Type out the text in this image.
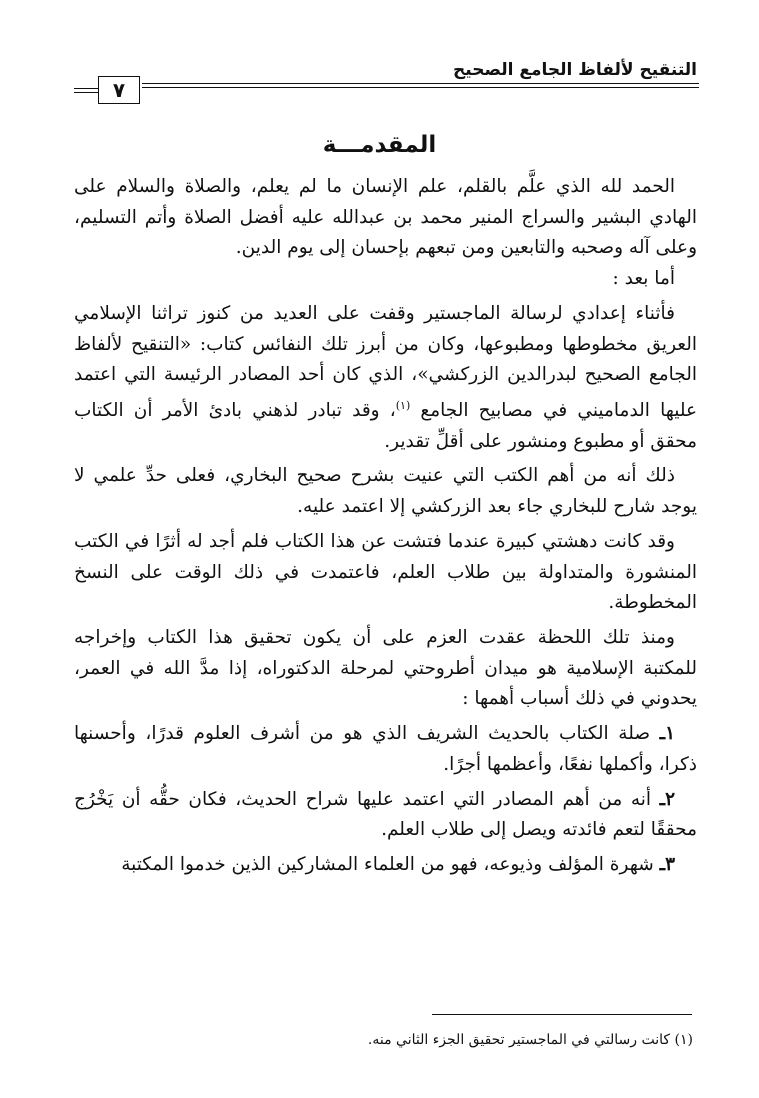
التنقيح لألفاظ الجامع الصحيح
٧
المقدمـــة

الحمد لله الذي علَّم بالقلم، علم الإنسان ما لم يعلم، والصلاة والسلام على الهادي البشير والسراج المنير محمد بن عبدالله عليه أفضل الصلاة وأتم التسليم، وعلى آله وصحبه والتابعين ومن تبعهم بإحسان إلى يوم الدين.

أما بعد :

فأثناء إعدادي لرسالة الماجستير وقفت على العديد من كنوز تراثنا الإسلامي العريق مخطوطها ومطبوعها، وكان من أبرز تلك النفائس كتاب: «التنقيح لألفاظ الجامع الصحيح لبدرالدين الزركشي»، الذي كان أحد المصادر الرئيسة التي اعتمد عليها الدماميني في مصابيح الجامع $^{(١)}$، وقد تبادر لذهني بادئ الأمر أن الكتاب محقق أو مطبوع ومنشور على أقلِّ تقدير.

ذلك أنه من أهم الكتب التي عنيت بشرح صحيح البخاري، فعلى حدِّ علمي لا يوجد شارح للبخاري جاء بعد الزركشي إلا اعتمد عليه.

وقد كانت دهشتي كبيرة عندما فتشت عن هذا الكتاب فلم أجد له أثرًا في الكتب المنشورة والمتداولة بين طلاب العلم، فاعتمدت في ذلك الوقت على النسخ المخطوطة.

ومنذ تلك اللحظة عقدت العزم على أن يكون تحقيق هذا الكتاب وإخراجه للمكتبة الإسلامية هو ميدان أطروحتي لمرحلة الدكتوراه، إذا مدَّ الله في العمر، يحدوني في ذلك أسباب أهمها :

١ـ صلة الكتاب بالحديث الشريف الذي هو من أشرف العلوم قدرًا، وأحسنها ذكرا، وأكملها نفعًا، وأعظمها أجرًا.

٢ـ أنه من أهم المصادر التي اعتمد عليها شراح الحديث، فكان حقُّه أن يَخْرُج محققًا لتعم فائدته ويصل إلى طلاب العلم.

٣ـ شهرة المؤلف وذيوعه، فهو من العلماء المشاركين الذين خدموا المكتبة

(١) كانت رسالتي في الماجستير تحقيق الجزء الثاني منه.
